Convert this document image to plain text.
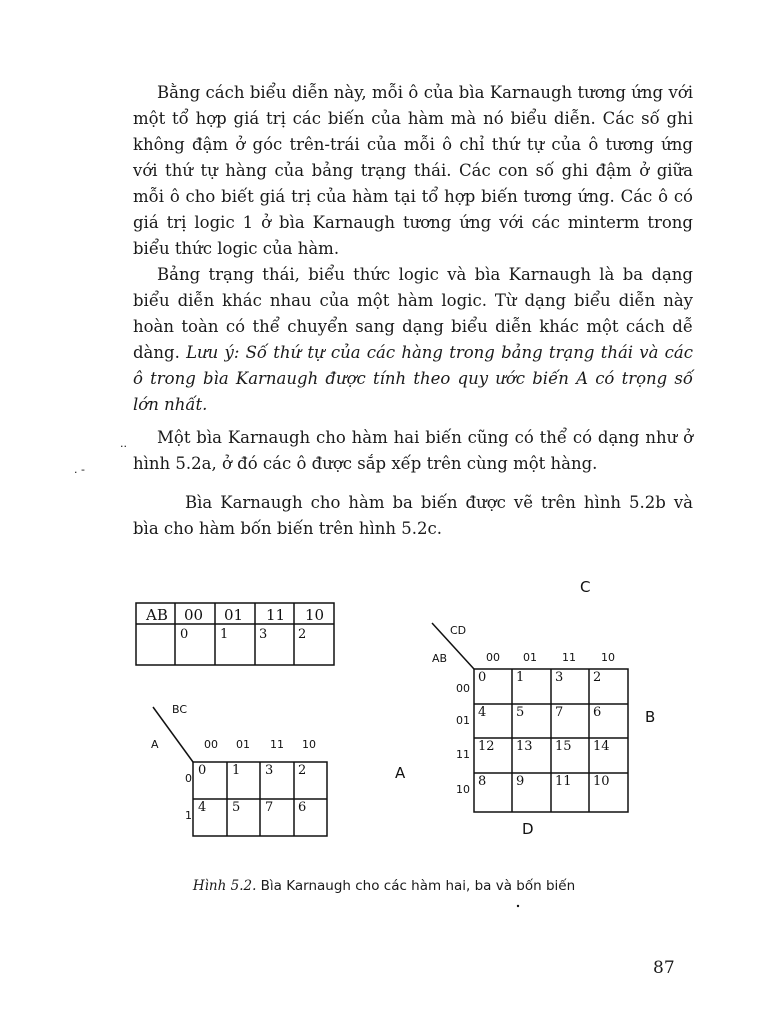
Bằng cách biểu diễn này, mỗi ô của bìa Karnaugh tương ứng với một tổ hợp giá trị các biến của hàm mà nó biểu diễn. Các số ghi không đậm ở góc trên-trái của mỗi ô chỉ thứ tự của ô tương ứng với thứ tự hàng của bảng trạng thái. Các con số ghi đậm ở giữa mỗi ô cho biết giá trị của hàm tại tổ hợp biến tương ứng. Các ô có giá trị logic 1 ở bìa Karnaugh tương ứng với các minterm trong biểu thức logic của hàm.
Bảng trạng thái, biểu thức logic và bìa Karnaugh là ba dạng biểu diễn khác nhau của một hàm logic. Từ dạng biểu diễn này hoàn toàn có thể chuyển sang dạng biểu diễn khác một cách dễ dàng. Lưu ý: Số thứ tự của các hàng trong bảng trạng thái và các ô trong bìa Karnaugh được tính theo quy ước biến A có trọng số lớn nhất.
Một bìa Karnaugh cho hàm hai biến cũng có thể có dạng như ở hình 5.2a, ở đó các ô được sắp xếp trên cùng một hàng.
Bìa Karnaugh cho hàm ba biến được vẽ trên hình 5.2b và bìa cho hàm bốn biến trên hình 5.2c.
..
. -
C
AB 00 01 11 10
0 1 3 2
BC
A	00 01 11 10
0
1
0 1 3 2
4 5 7 6
A
CD
AB	00 01 11 10
00
01
11
10
0 1 3 2
4 5 7 6
12 13 15 14
8 9 11 10
B
D
Hình 5.2. Bìa Karnaugh cho các hàm hai, ba và bốn biến
87
